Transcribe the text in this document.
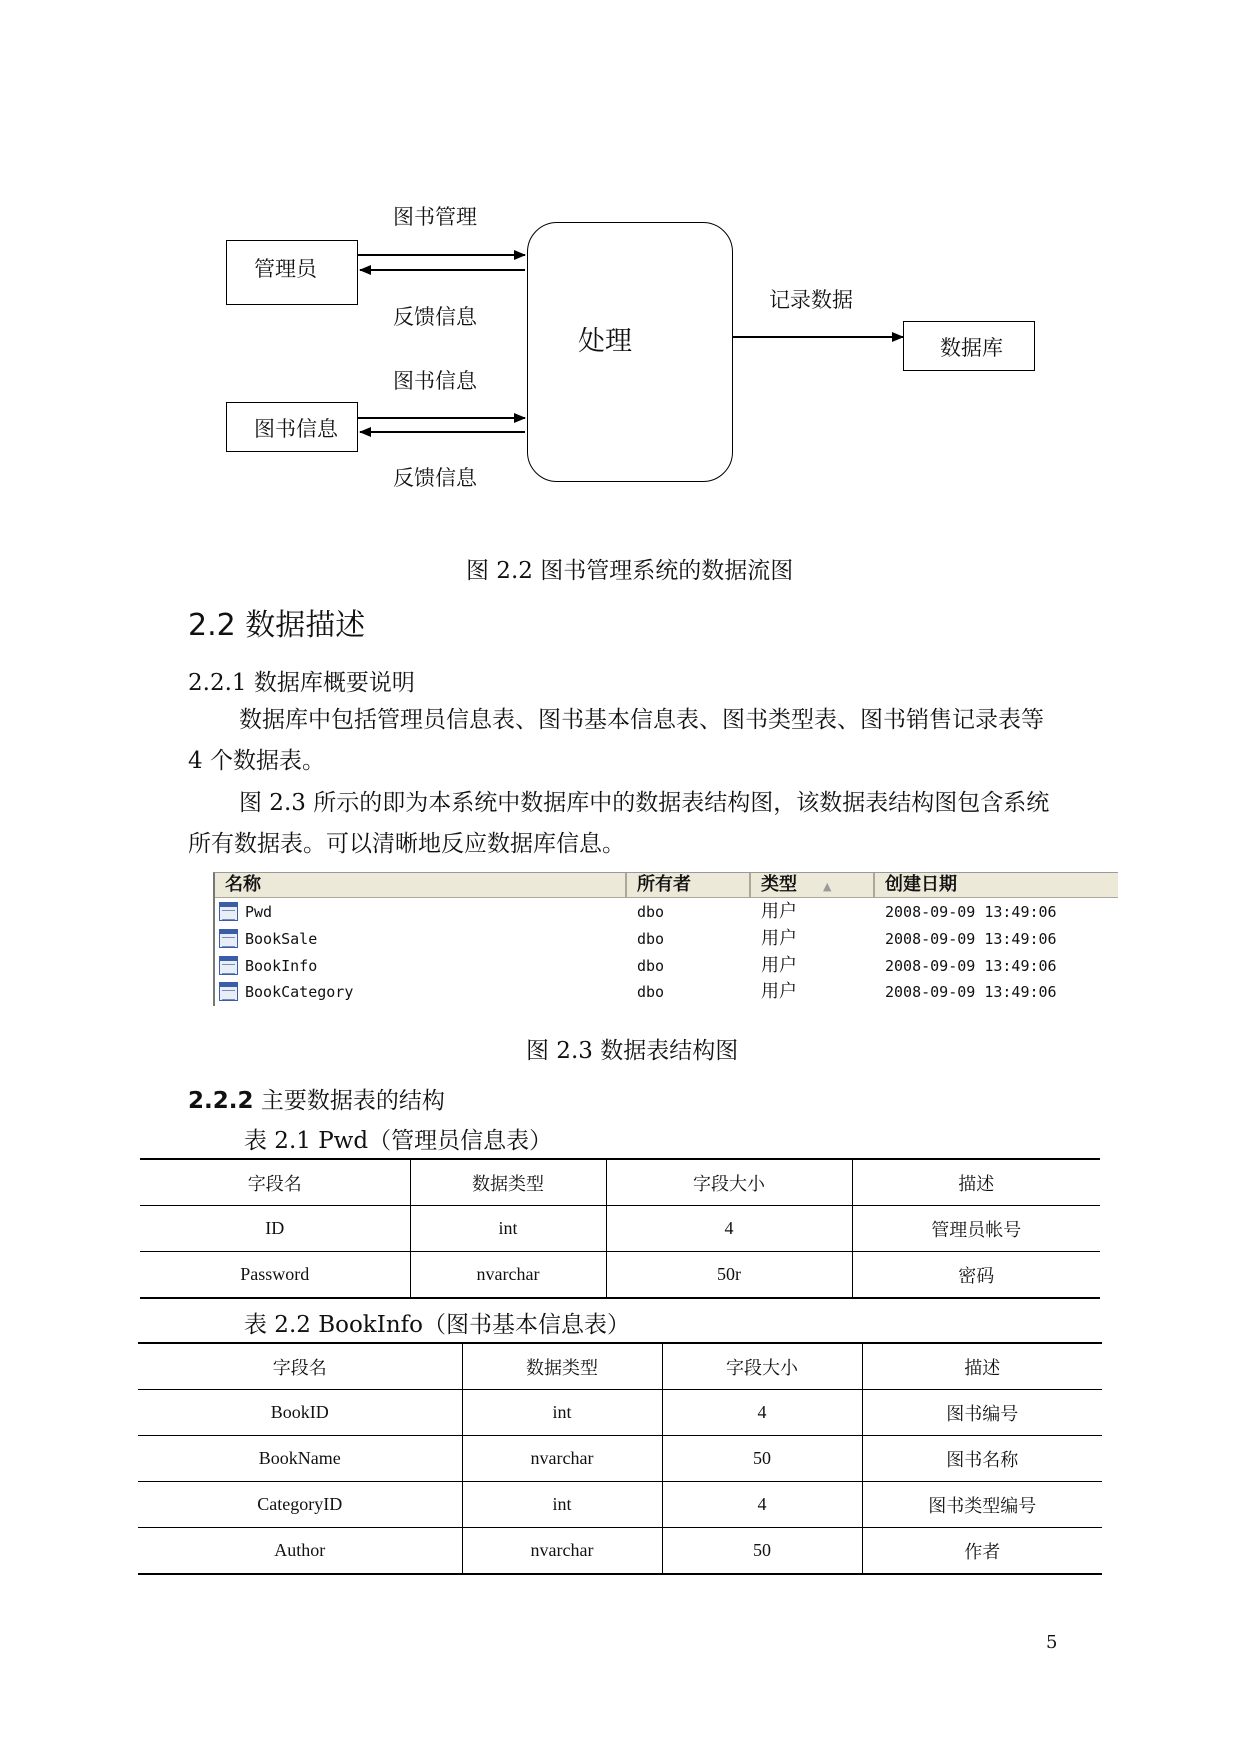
管理员
图书信息
处理	数据库
图书管理
反馈信息
图书信息
反馈信息
记录数据
图 2.2 图书管理系统的数据流图
2.2 数据描述
2.2.1 数据库概要说明
数据库中包括管理员信息表、图书基本信息表、图书类型表、图书销售记录表等 4 个数据表。
图 2.3 所示的即为本系统中数据库中的数据表结构图，该数据表结构图包含系统所有数据表。可以清晰地反应数据库信息。
名称	所有者	类型 ▲	创建日期
Pwd	dbo	用户	2008-09-09 13:49:06
BookSale	dbo	用户	2008-09-09 13:49:06
BookInfo	dbo	用户	2008-09-09 13:49:06
BookCategory	dbo	用户	2008-09-09 13:49:06
图 2.3 数据表结构图
2.2.2 主要数据表的结构
表 2.1 Pwd（管理员信息表）
字段名	数据类型	字段大小	描述
ID	int	4	管理员帐号
Password	nvarchar	50r	密码
表 2.2 BookInfo（图书基本信息表）
字段名	数据类型	字段大小	描述
BookID	int	4	图书编号
BookName	nvarchar	50	图书名称
CategoryID	int	4	图书类型编号
Author	nvarchar	50	作者
5
